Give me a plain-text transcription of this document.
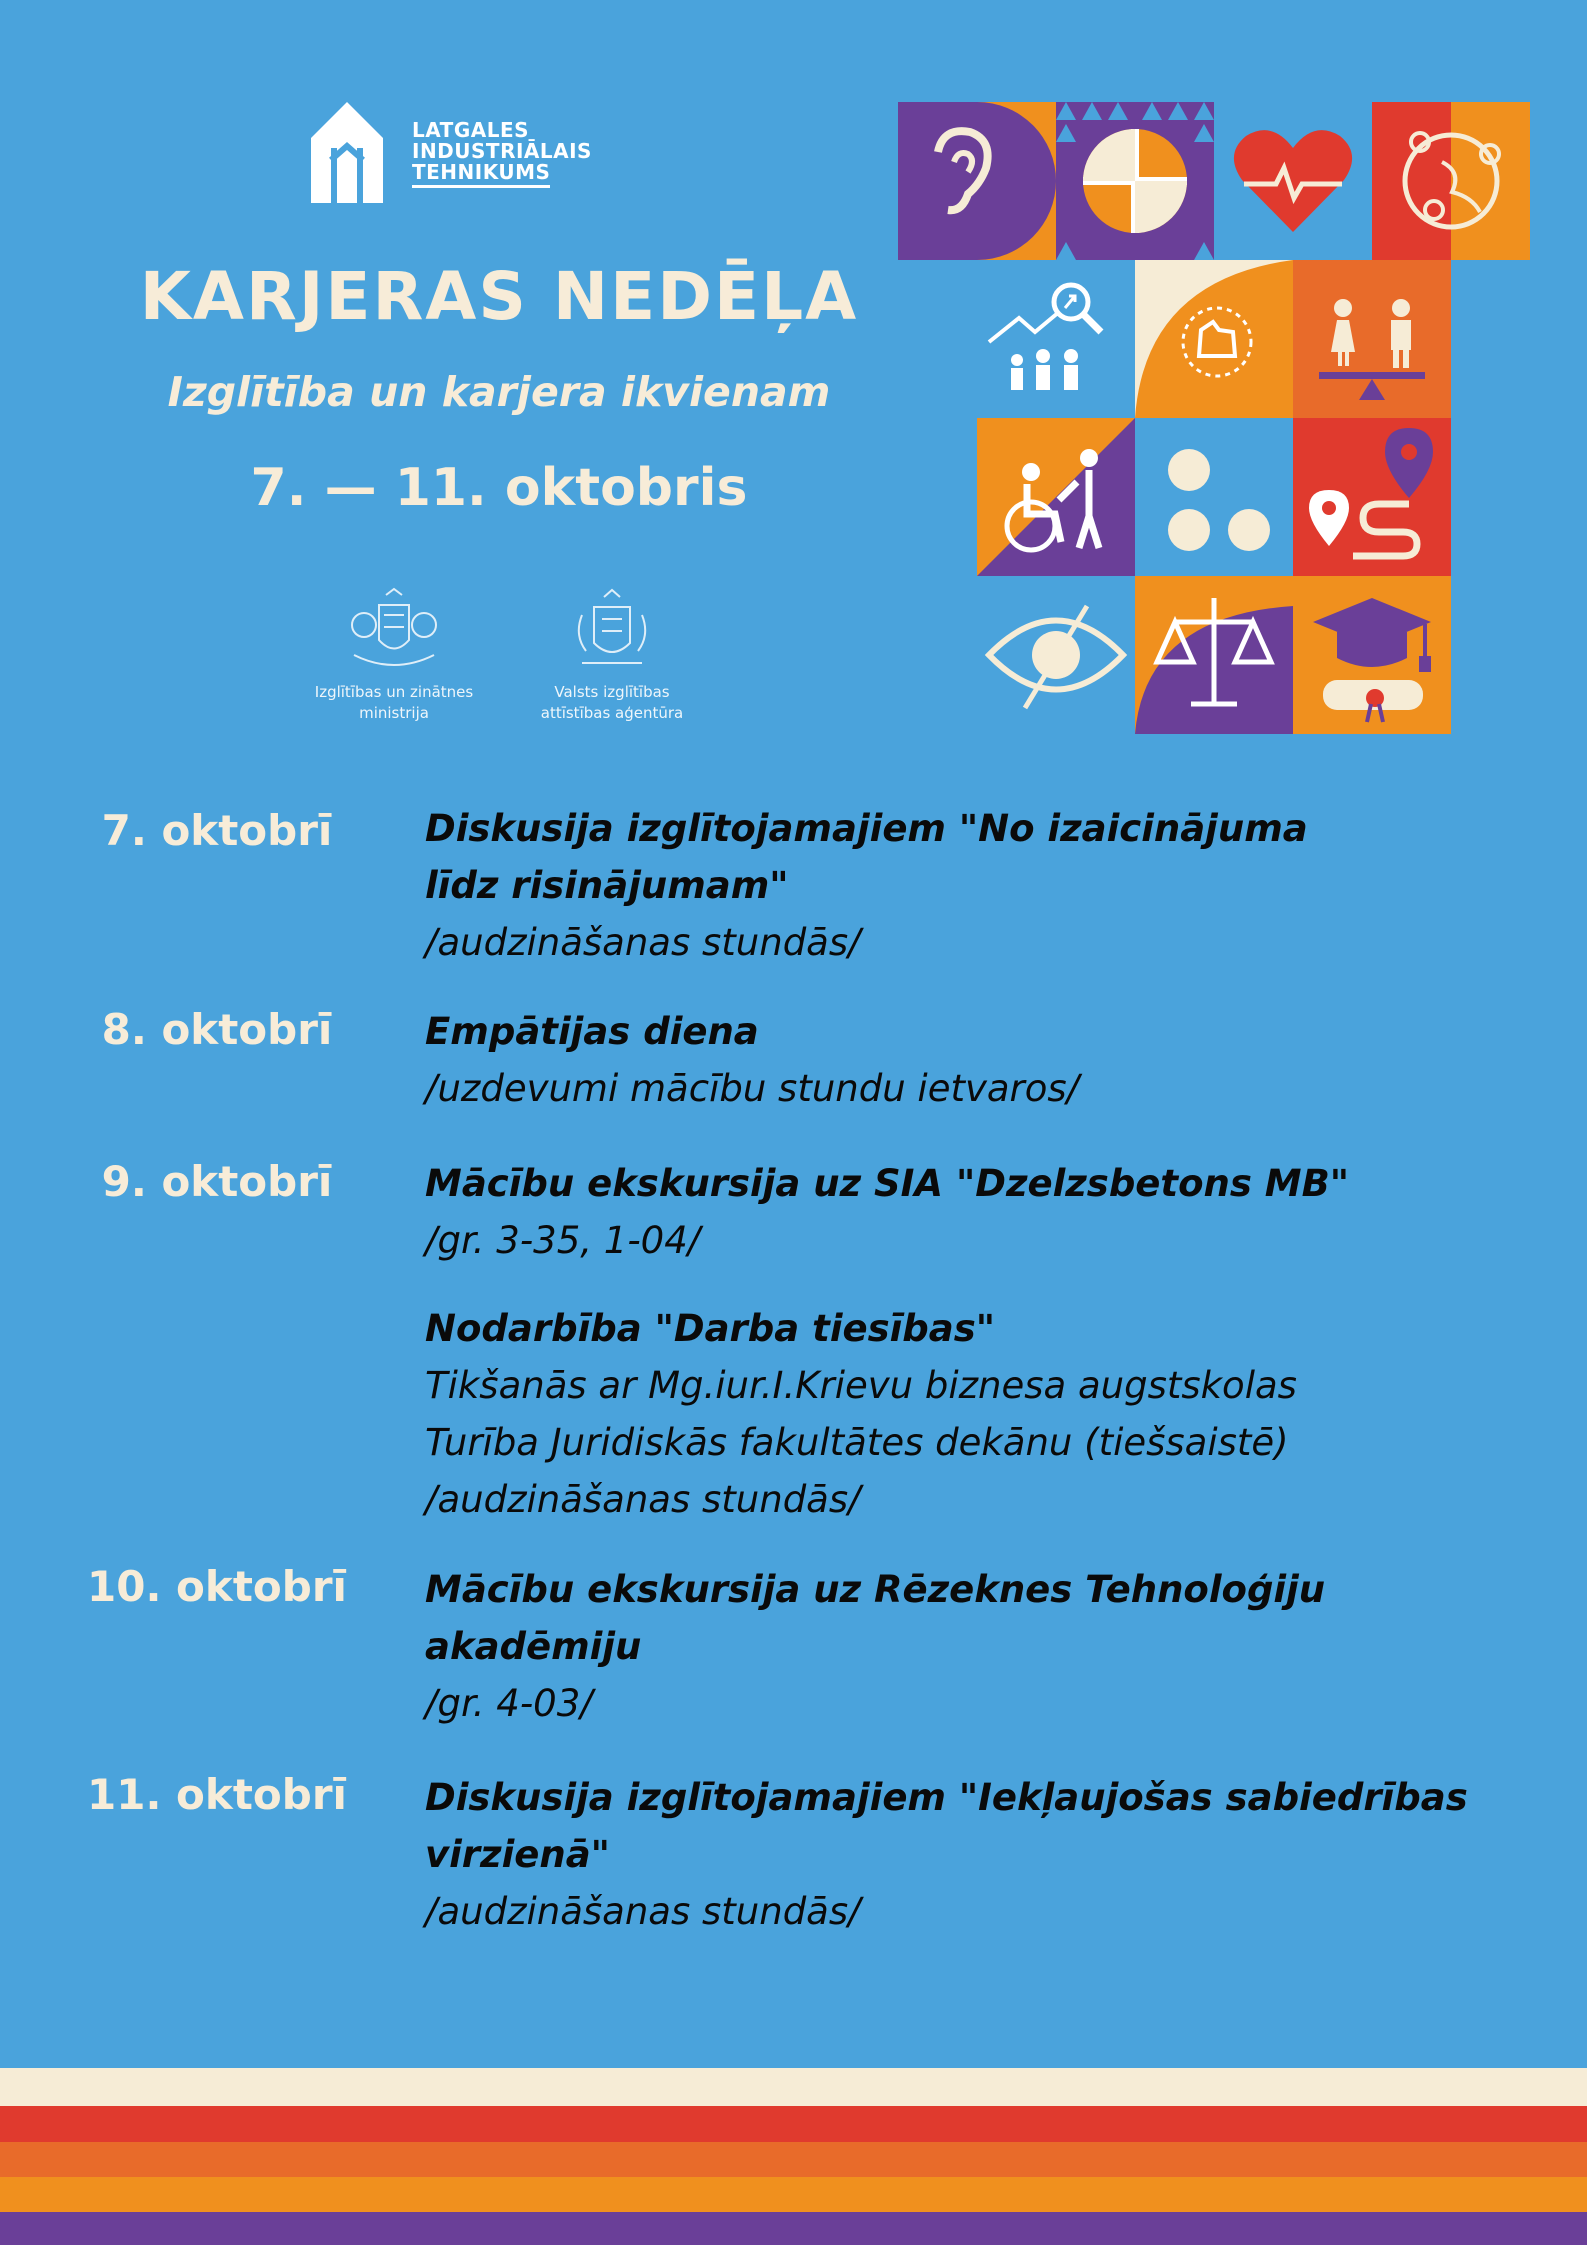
LATGALES
INDUSTRIĀLAIS
TEHNIKUMS
KARJERAS NEDĒĻA
Izglītība un karjera ikvienam
7. — 11. oktobris
Izglītības un zinātnes
ministrija
Valsts izglītības
attīstības aģentūra
7. oktobrī	Diskusija izglītojamajiem "No izaicinājuma
līdz risinājumam"
/audzināšanas stundās/
8. oktobrī	Empātijas diena
/uzdevumi mācību stundu ietvaros/
9. oktobrī	Mācību ekskursija uz SIA "Dzelzsbetons MB"
/gr. 3-35, 1-04/
Nodarbība "Darba tiesības"
Tikšanās ar Mg.iur.I.Krievu biznesa augstskolas
Turība Juridiskās fakultātes dekānu (tiešsaistē)
/audzināšanas stundās/
10. oktobrī	Mācību ekskursija uz Rēzeknes Tehnoloģiju
akadēmiju
/gr. 4-03/
11. oktobrī	Diskusija izglītojamajiem "Iekļaujošas sabiedrības
virzienā"
/audzināšanas stundās/
